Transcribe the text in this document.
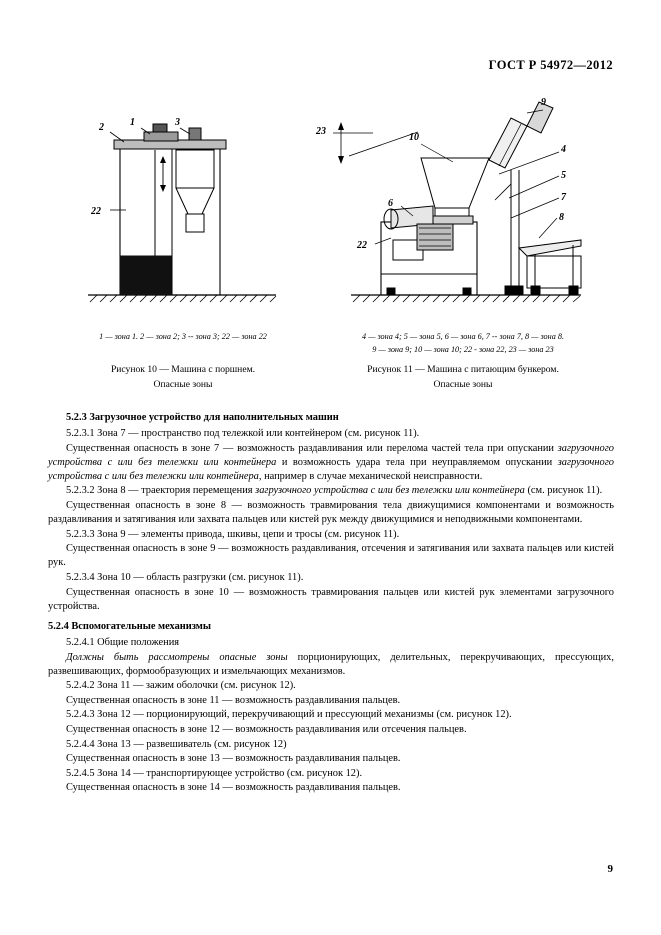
ГОСТ Р 54972—2012
2	1	3
22
1 — зона 1. 2 — зона 2; 3 -- зона 3; 22 — зона 22
Рисунок 10 — Машина с поршнем.
Опасные зоны
9
23
10
4
5
7
8
6
22
4 — зона 4; 5 — зона 5, 6 — зона 6, 7 -- зона 7, 8 — зона 8.
9 — зона 9; 10 — зона 10; 22 - зона 22, 23 — зона 23
Рисунок 11 — Машина с питающим бункером.
Опасные зоны

5.2.3 Загрузочное устройство для наполнительных машин

5.2.3.1 Зона 7 — пространство под тележкой или контейнером (см. рисунок 11).

Существенная опасность в зоне 7 — возможность раздавливания или перелома частей тела при опускании загрузочного устройства с или без тележки или контейнера и возможность удара тела при неуправляемом опускании загрузочного устройства с или без тележки или контейнера, например в случае механической неисправности.

5.2.3.2 Зона 8 — траектория перемещения загрузочного устройства с или без тележки или контейнера (см. рисунок 11).

Существенная опасность в зоне 8 — возможность травмирования тела движущимися компонентами и возможность раздавливания и затягивания или захвата пальцев или кистей рук между движущимися и неподвижными компонентами.

5.2.3.3 Зона 9 — элементы привода, шкивы, цепи и тросы (см. рисунок 11).

Существенная опасность в зоне 9 — возможность раздавливания, отсечения и затягивания или захвата пальцев или кистей рук.

5.2.3.4 Зона 10 — область разгрузки (см. рисунок 11).

Существенная опасность в зоне 10 — возможность травмирования пальцев или кистей рук элементами загрузочного устройства.

5.2.4 Вспомогательные механизмы

5.2.4.1 Общие положения

Должны быть рассмотрены опасные зоны порционирующих, делительных, перекручивающих, прессующих, развешивающих, формообразующих и измельчающих механизмов.

5.2.4.2 Зона 11 — зажим оболочки (см. рисунок 12).

Существенная опасность в зоне 11 — возможность раздавливания пальцев.

5.2.4.3 Зона 12 — порционирующий, перекручивающий и прессующий механизмы (см. рисунок 12).

Существенная опасность в зоне 12 — возможность раздавливания или отсечения пальцев.

5.2.4.4 Зона 13 — развешиватель (см. рисунок 12)

Существенная опасность в зоне 13 — возможность раздавливания пальцев.

5.2.4.5 Зона 14 — транспортирующее устройство (см. рисунок 12).

Существенная опасность в зоне 14 — возможность раздавливания пальцев.

9
